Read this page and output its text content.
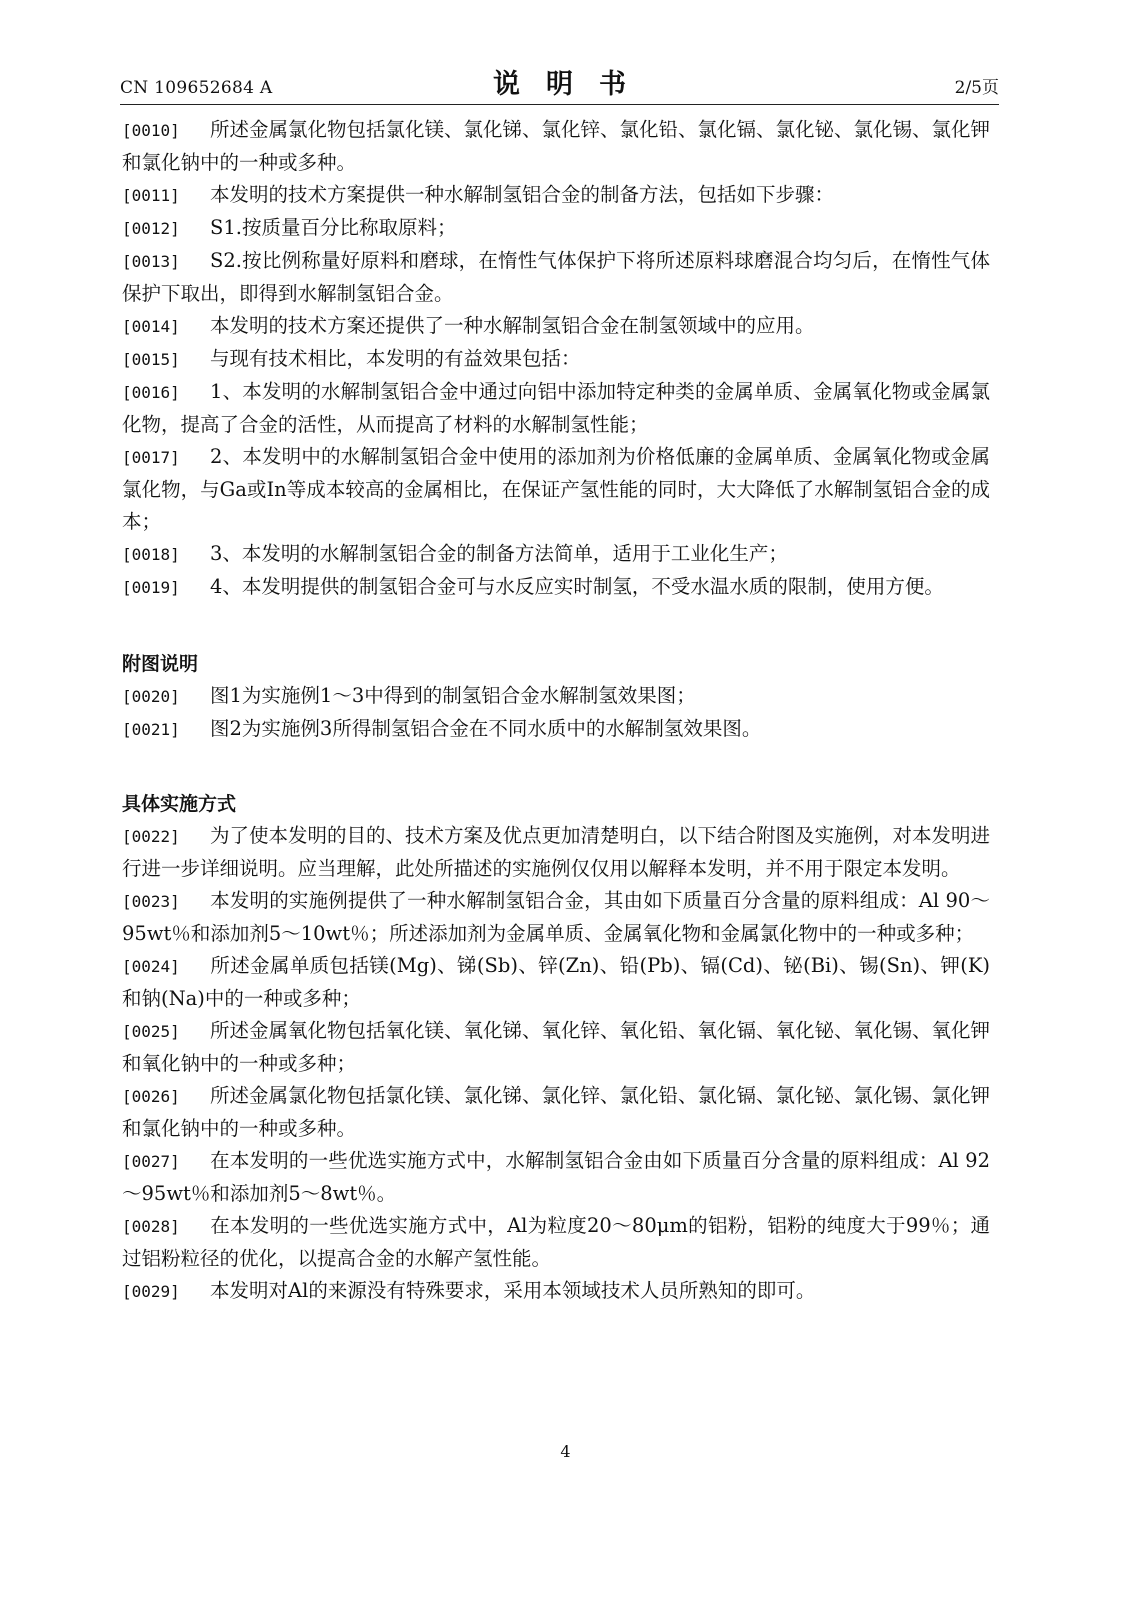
CN 109652684 A	说明书	2/5页

[0010] 所述金属氯化物包括氯化镁、氯化锑、氯化锌、氯化铅、氯化镉、氯化铋、氯化锡、氯化钾和氯化钠中的一种或多种。

[0011] 本发明的技术方案提供一种水解制氢铝合金的制备方法，包括如下步骤：

[0012] S1.按质量百分比称取原料；

[0013] S2.按比例称量好原料和磨球，在惰性气体保护下将所述原料球磨混合均匀后，在惰性气体保护下取出，即得到水解制氢铝合金。

[0014] 本发明的技术方案还提供了一种水解制氢铝合金在制氢领域中的应用。

[0015] 与现有技术相比，本发明的有益效果包括：

[0016] 1、本发明的水解制氢铝合金中通过向铝中添加特定种类的金属单质、金属氧化物或金属氯化物，提高了合金的活性，从而提高了材料的水解制氢性能；

[0017] 2、本发明中的水解制氢铝合金中使用的添加剂为价格低廉的金属单质、金属氧化物或金属氯化物，与Ga或In等成本较高的金属相比，在保证产氢性能的同时，大大降低了水解制氢铝合金的成本；

[0018] 3、本发明的水解制氢铝合金的制备方法简单，适用于工业化生产；

[0019] 4、本发明提供的制氢铝合金可与水反应实时制氢，不受水温水质的限制，使用方便。

附图说明

[0020] 图1为实施例1～3中得到的制氢铝合金水解制氢效果图；

[0021] 图2为实施例3所得制氢铝合金在不同水质中的水解制氢效果图。

具体实施方式

[0022] 为了使本发明的目的、技术方案及优点更加清楚明白，以下结合附图及实施例，对本发明进行进一步详细说明。应当理解，此处所描述的实施例仅仅用以解释本发明，并不用于限定本发明。

[0023] 本发明的实施例提供了一种水解制氢铝合金，其由如下质量百分含量的原料组成：Al 90～95wt％和添加剂5～10wt％；所述添加剂为金属单质、金属氧化物和金属氯化物中的一种或多种；

[0024] 所述金属单质包括镁(Mg)、锑(Sb)、锌(Zn)、铅(Pb)、镉(Cd)、铋(Bi)、锡(Sn)、钾(K)和钠(Na)中的一种或多种；

[0025] 所述金属氧化物包括氧化镁、氧化锑、氧化锌、氧化铅、氧化镉、氧化铋、氧化锡、氧化钾和氧化钠中的一种或多种；

[0026] 所述金属氯化物包括氯化镁、氯化锑、氯化锌、氯化铅、氯化镉、氯化铋、氯化锡、氯化钾和氯化钠中的一种或多种。

[0027] 在本发明的一些优选实施方式中，水解制氢铝合金由如下质量百分含量的原料组成：Al 92～95wt％和添加剂5～8wt％。

[0028] 在本发明的一些优选实施方式中，Al为粒度20～80μm的铝粉，铝粉的纯度大于99％；通过铝粉粒径的优化，以提高合金的水解产氢性能。

[0029] 本发明对Al的来源没有特殊要求，采用本领域技术人员所熟知的即可。

4
